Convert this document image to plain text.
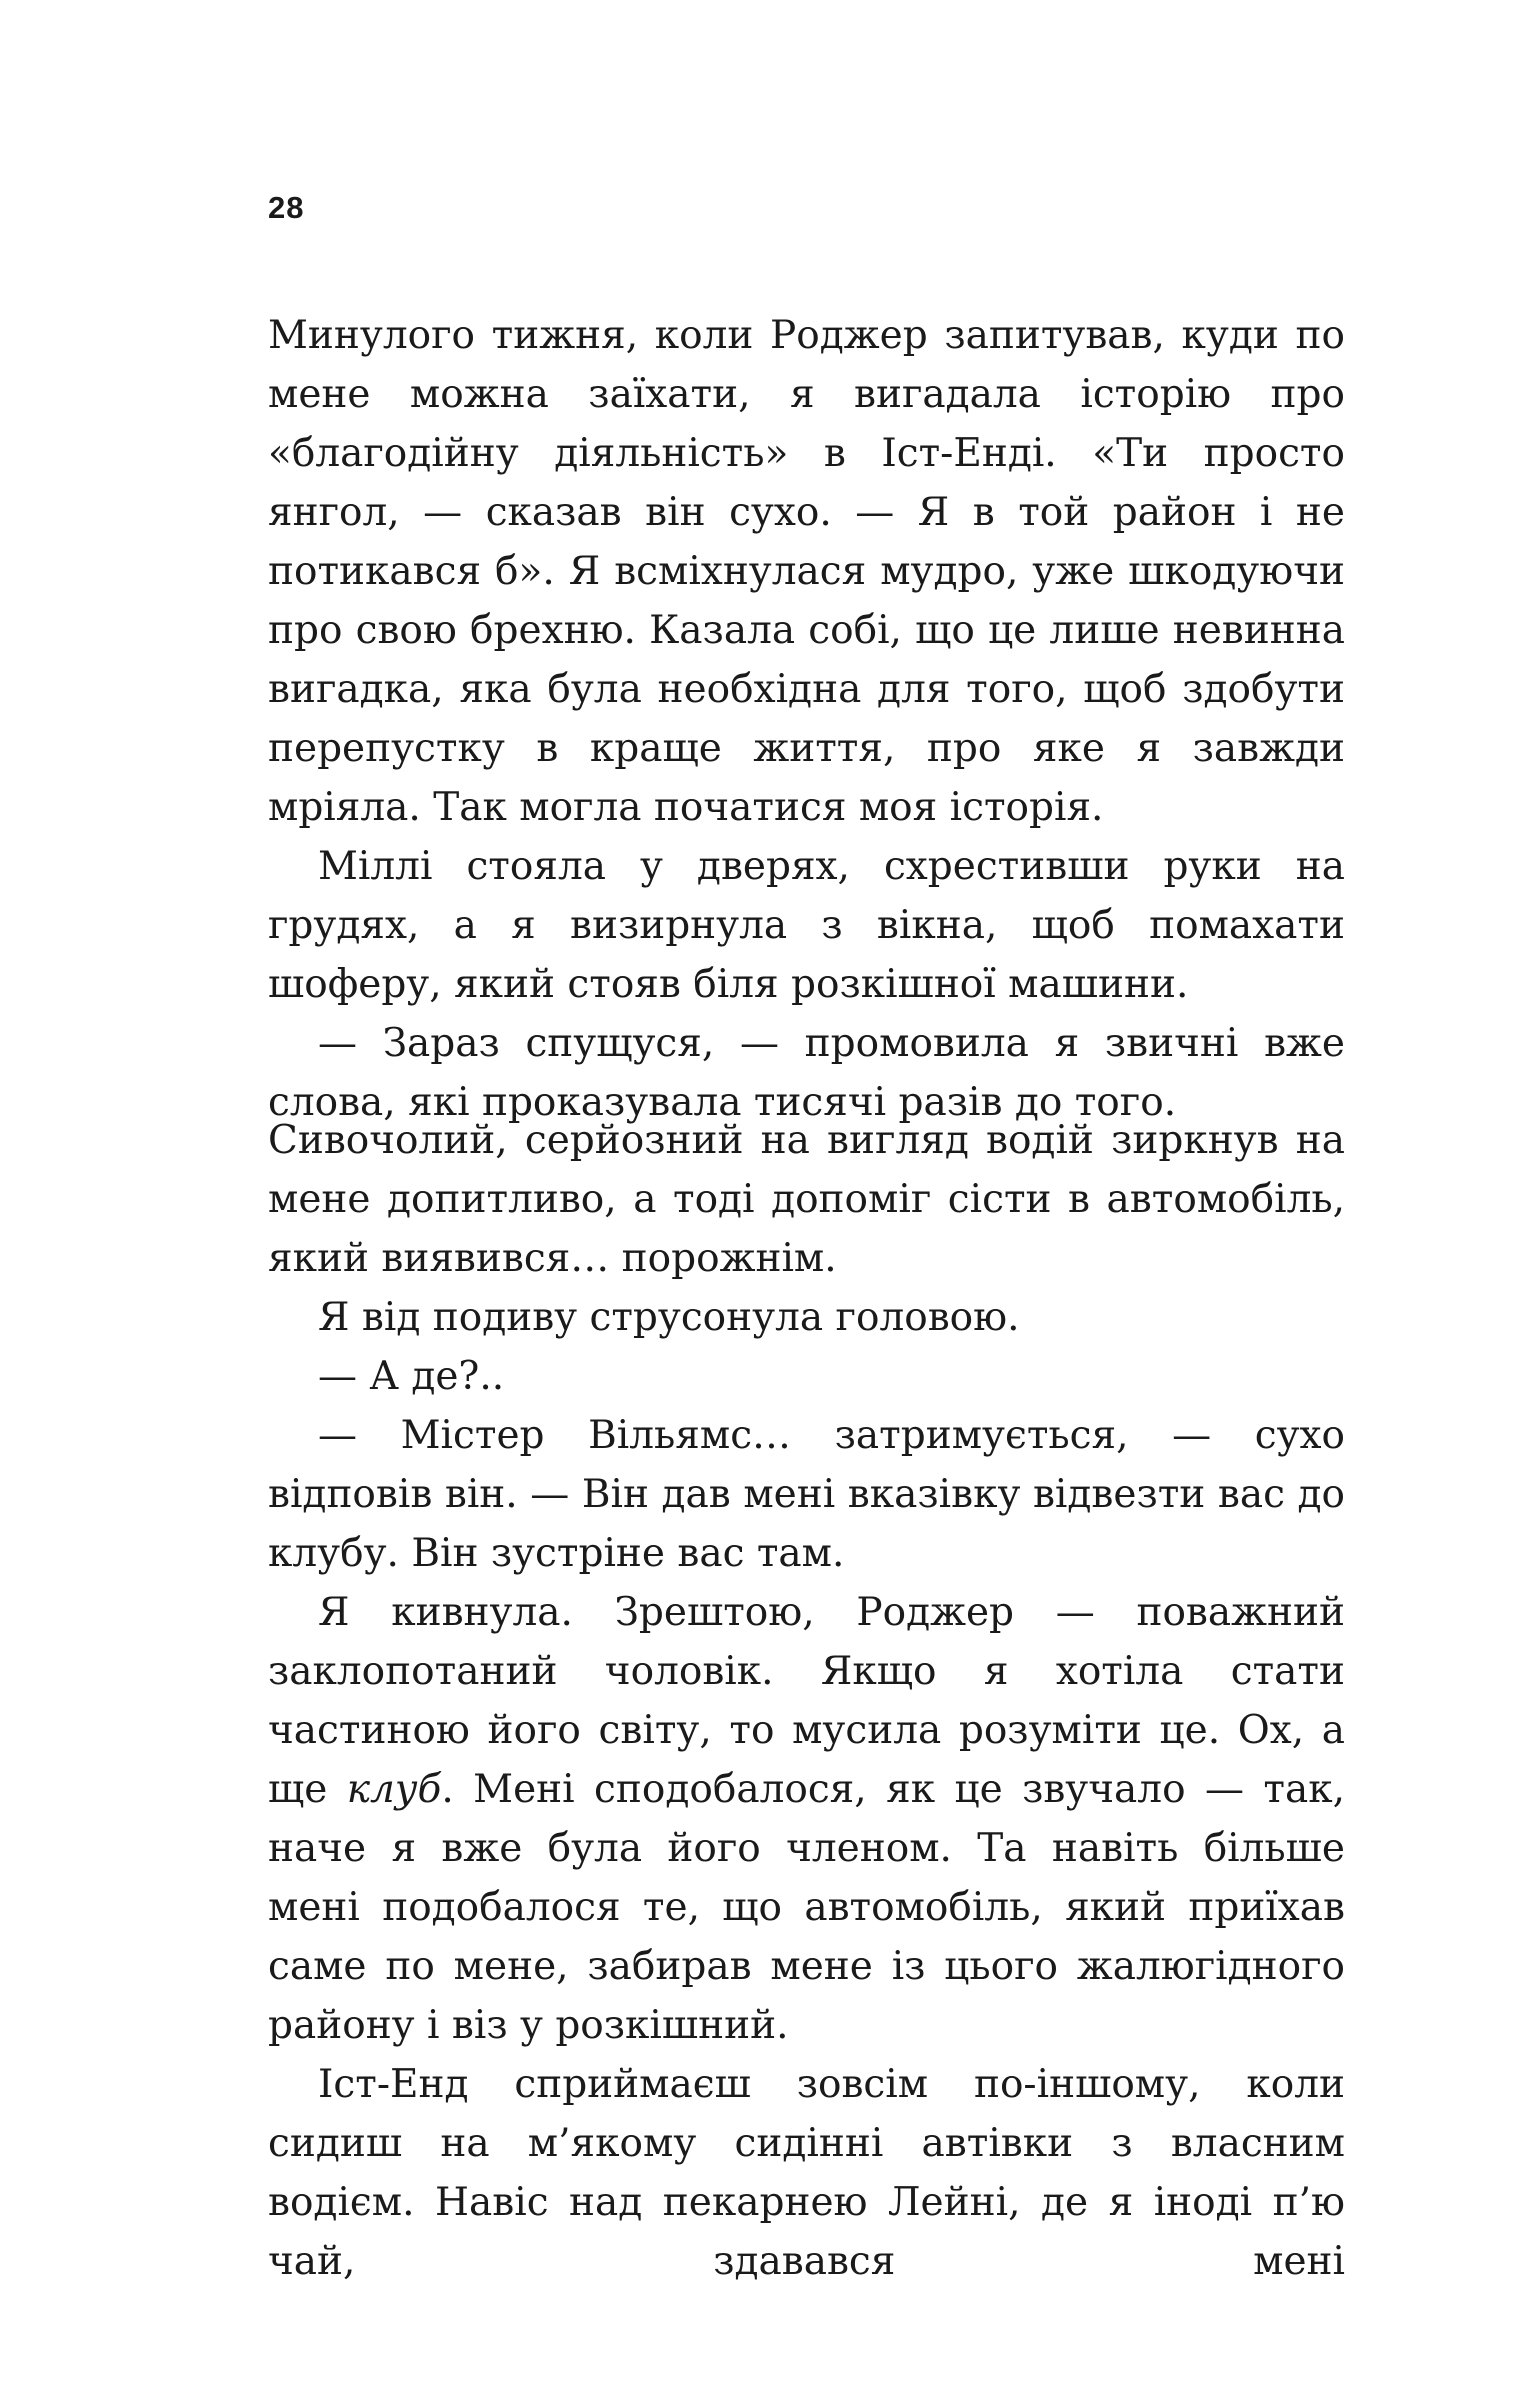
28

Минулого тижня, коли Роджер запитував, куди по мене можна заїхати, я вигадала історію про «благодійну діяльність» в Іст-Енді. «Ти просто янгол, — сказав він сухо. — Я в той район і не потикався б». Я всміхнулася мудро, уже шкодуючи про свою брехню. Казала собі, що це лише невинна вигадка, яка була необхідна для того, щоб здобути перепустку в краще життя, про яке я завжди мріяла. Так могла початися моя історія.

Міллі стояла у дверях, схрестивши руки на грудях, а я визирнула з вікна, щоб помахати шоферу, який стояв біля розкішної машини.

— Зараз спущуся, — промовила я звичні вже слова, які проказувала тисячі разів до того.

Сивочолий, серйозний на вигляд водій зиркнув на мене допитливо, а тоді допоміг сісти в автомобіль, який виявився… порожнім.

Я від подиву струсонула головою.

— А де?..

— Містер Вільямс… затримується, — сухо відповів він. — Він дав мені вказівку відвезти вас до клубу. Він зустріне вас там.

Я кивнула. Зрештою, Роджер — поважний заклопотаний чоловік. Якщо я хотіла стати частиною його світу, то мусила розуміти це. Ох, а ще клуб. Мені сподобалося, як це звучало — так, наче я вже була його членом. Та навіть більше мені подобалося те, що автомобіль, який приїхав саме по мене, забирав мене із цього жалюгідного району і віз у розкішний.

Іст-Енд сприймаєш зовсім по-іншому, коли сидиш на м’якому сидінні автівки з власним водієм. Навіс над пекарнею Лейні, де я іноді п’ю чай, здавався мені
